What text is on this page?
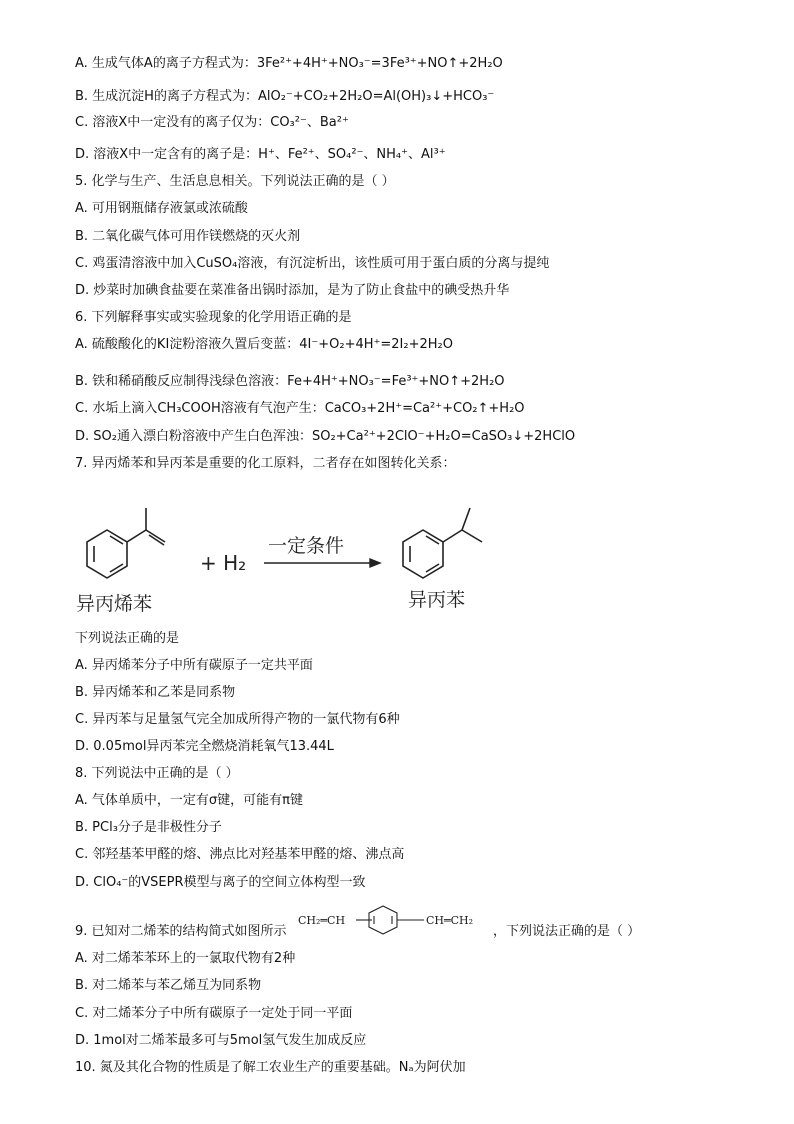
A. 生成气体A的离子方程式为：3Fe²⁺+4H⁺+NO₃⁻=3Fe³⁺+NO↑+2H₂O
B. 生成沉淀H的离子方程式为：AlO₂⁻+CO₂+2H₂O=Al(OH)₃↓+HCO₃⁻
C. 溶液X中一定没有的离子仅为：CO₃²⁻、Ba²⁺
D. 溶液X中一定含有的离子是：H⁺、Fe²⁺、SO₄²⁻、NH₄⁺、Al³⁺
5. 化学与生产、生活息息相关。下列说法正确的是（ ）
A. 可用钢瓶储存液氯或浓硫酸
B. 二氧化碳气体可用作镁燃烧的灭火剂
C. 鸡蛋清溶液中加入CuSO₄溶液，有沉淀析出，该性质可用于蛋白质的分离与提纯
D. 炒菜时加碘食盐要在菜准备出锅时添加，是为了防止食盐中的碘受热升华
6. 下列解释事实或实验现象的化学用语正确的是
A. 硫酸酸化的KI淀粉溶液久置后变蓝：4I⁻+O₂+4H⁺=2I₂+2H₂O
B. 铁和稀硝酸反应制得浅绿色溶液：Fe+4H⁺+NO₃⁻=Fe³⁺+NO↑+2H₂O
C. 水垢上滴入CH₃COOH溶液有气泡产生：CaCO₃+2H⁺=Ca²⁺+CO₂↑+H₂O
D. SO₂通入漂白粉溶液中产生白色浑浊：SO₂+Ca²⁺+2ClO⁻+H₂O=CaSO₃↓+2HClO
7. 异丙烯苯和异丙苯是重要的化工原料，二者存在如图转化关系：
异丙烯苯
+ H₂
一定条件
异丙苯
下列说法正确的是
A. 异丙烯苯分子中所有碳原子一定共平面
B. 异丙烯苯和乙苯是同系物
C. 异丙苯与足量氢气完全加成所得产物的一氯代物有6种
D. 0.05mol异丙苯完全燃烧消耗氧气13.44L
8. 下列说法中正确的是（ ）
A. 气体单质中，一定有σ键，可能有π键
B. PCl₃分子是非极性分子
C. 邻羟基苯甲醛的熔、沸点比对羟基苯甲醛的熔、沸点高
D. ClO₄⁻的VSEPR模型与离子的空间立体构型一致
9. 已知对二烯苯的结构简式如图所示
CH₂═CH	CH═CH₂
，下列说法正确的是（ ）
A. 对二烯苯苯环上的一氯取代物有2种
B. 对二烯苯与苯乙烯互为同系物
C. 对二烯苯分子中所有碳原子一定处于同一平面
D. 1mol对二烯苯最多可与5mol氢气发生加成反应
10. 氮及其化合物的性质是了解工农业生产的重要基础。Nₐ为阿伏加
